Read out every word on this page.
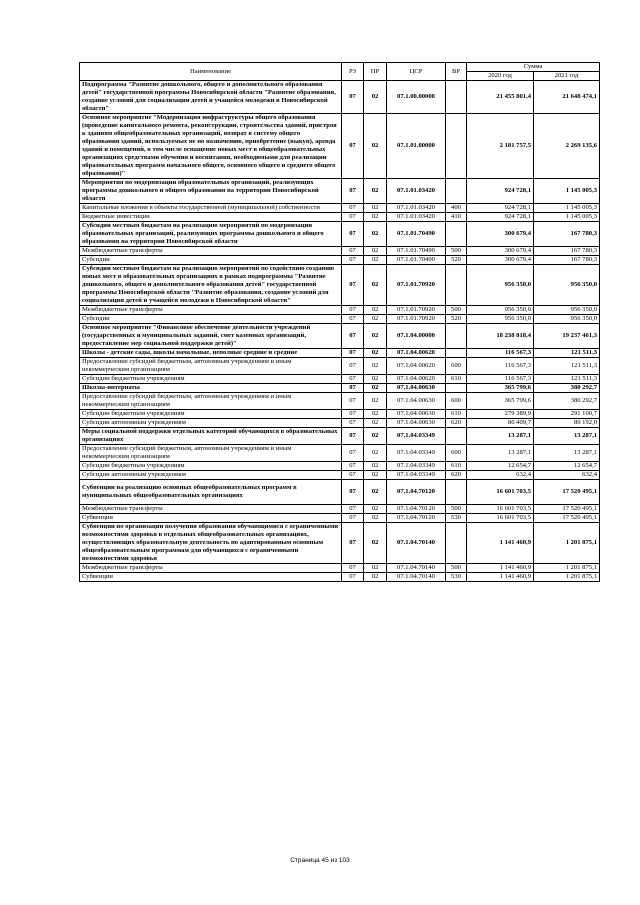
Наименование	РЗ	ПР	ЦСР	ВР	Сумма	
					2020 год	2021 год
Подпрограмма "Развитие дошкольного, общего и дополнительного образования детей" государственной программы Новосибирской области "Развитие образования, создание условий для социализации детей и учащейся молодежи в Новосибирской области"	07	02	07.1.00.00000		21 455 801,4	21 648 474,1
Основное мероприятие "Модернизация инфраструктуры общего образования (проведение капитального ремонта, реконструкции, строительства зданий, пристроя к зданиям общеобразовательных организаций, возврат в систему общего образования зданий, используемых не по назначению, приобретение (выкуп), аренда зданий и помещений, в том числе оснащение новых мест в общеобразовательных организациях средствами обучения и воспитания, необходимыми для реализации образовательных программ начального общего, основного общего и среднего общего образования)"	07	02	07.1.01.00000		2 181 757,5	2 269 135,6
Мероприятия по модернизации образовательных организаций, реализующих программы дошкольного и общего образования на территории Новосибирской области	07	02	07.1.01.03420		924 728,1	1 145 005,3
Капитальные вложения в объекты государственной (муниципальной) собственности	07	02	07.1.01.03420	400	924 728,1	1 145 005,3
Бюджетные инвестиции	07	02	07.1.01.03420	410	924 728,1	1 145 005,3
Субсидии местным бюджетам на реализацию мероприятий по модернизации образовательных организаций, реализующих программы дошкольного и общего образования на территории Новосибирской области	07	02	07.1.01.70490		300 679,4	167 780,3
Межбюджетные трансферты	07	02	07.1.01.70490	500	300 679,4	167 780,3
Субсидии	07	02	07.1.01.70490	520	300 679,4	167 780,3
Субсидии местным бюджетам на реализацию мероприятий по содействию созданию новых мест в образовательных организациях в рамках подпрограммы "Развитие дошкольного, общего и дополнительного образования детей" государственной программы Новосибирской области "Развитие образования, создание условий для социализации детей и учащейся молодежи в Новосибирской области"	07	02	07.1.01.70920		956 350,0	956 350,0
Межбюджетные трансферты	07	02	07.1.01.70920	500	956 350,0	956 350,0
Субсидии	07	02	07.1.01.70920	520	956 350,0	956 350,0
Основное мероприятие "Финансовое обеспечение деятельности учреждений (государственных и муниципальных заданий, смет казенных организаций, предоставление мер социальной поддержки детей)"	07	02	07.1.04.00000		18 238 818,4	19 237 461,3
Школы - детские сады, школы начальные, неполные средние и средние	07	02	07.1.04.00620		116 567,3	121 511,3
Предоставление субсидий бюджетным, автономным учреждениям и иным некоммерческим организациям	07	02	07.1.04.00620	600	116 567,3	121 511,3
Субсидии бюджетным учреждениям	07	02	07.1.04.00620	610	116 567,3	121 511,3
Школы-интернаты	07	02	07.1.04.00630		365 799,6	380 292,7
Предоставление субсидий бюджетным, автономным учреждениям и иным некоммерческим организациям	07	02	07.1.04.00630	600	365 799,6	380 292,7
Субсидии бюджетным учреждениям	07	02	07.1.04.00630	610	279 389,9	291 100,7
Субсидии автономным учреждениям	07	02	07.1.04.00630	620	86 409,7	89 192,0
Меры социальной поддержки отдельных категорий обучающихся в образовательных организациях	07	02	07.1.04.03349		13 287,1	13 287,1
Предоставление субсидий бюджетным, автономным учреждениям и иным некоммерческим организациям	07	02	07.1.04.03349	600	13 287,1	13 287,1
Субсидии бюджетным учреждениям	07	02	07.1.04.03349	610	12 654,7	12 654,7
Субсидии автономным учреждениям	07	02	07.1.04.03349	620	632,4	632,4
Субвенции на реализацию основных общеобразовательных программ в муниципальных общеобразовательных организациях	07	02	07.1.04.70120		16 601 703,5	17 520 495,1
Межбюджетные трансферты	07	02	07.1.04.70120	500	16 601 703,5	17 520 495,1
Субвенции	07	02	07.1.04.70120	530	16 601 703,5	17 520 495,1
Субвенции по организации получения образования обучающимися с ограниченными возможностями здоровья в отдельных общеобразовательных организациях, осуществляющих образовательную деятельность по адаптированным основным общеобразовательным программам для обучающихся с ограниченными возможностями здоровья	07	02	07.1.04.70140		1 141 460,9	1 201 875,1
Межбюджетные трансферты	07	02	07.1.04.70140	500	1 141 460,9	1 201 875,1
Субвенции	07	02	07.1.04.70140	530	1 141 460,9	1 201 875,1
Страница 45 из 103
